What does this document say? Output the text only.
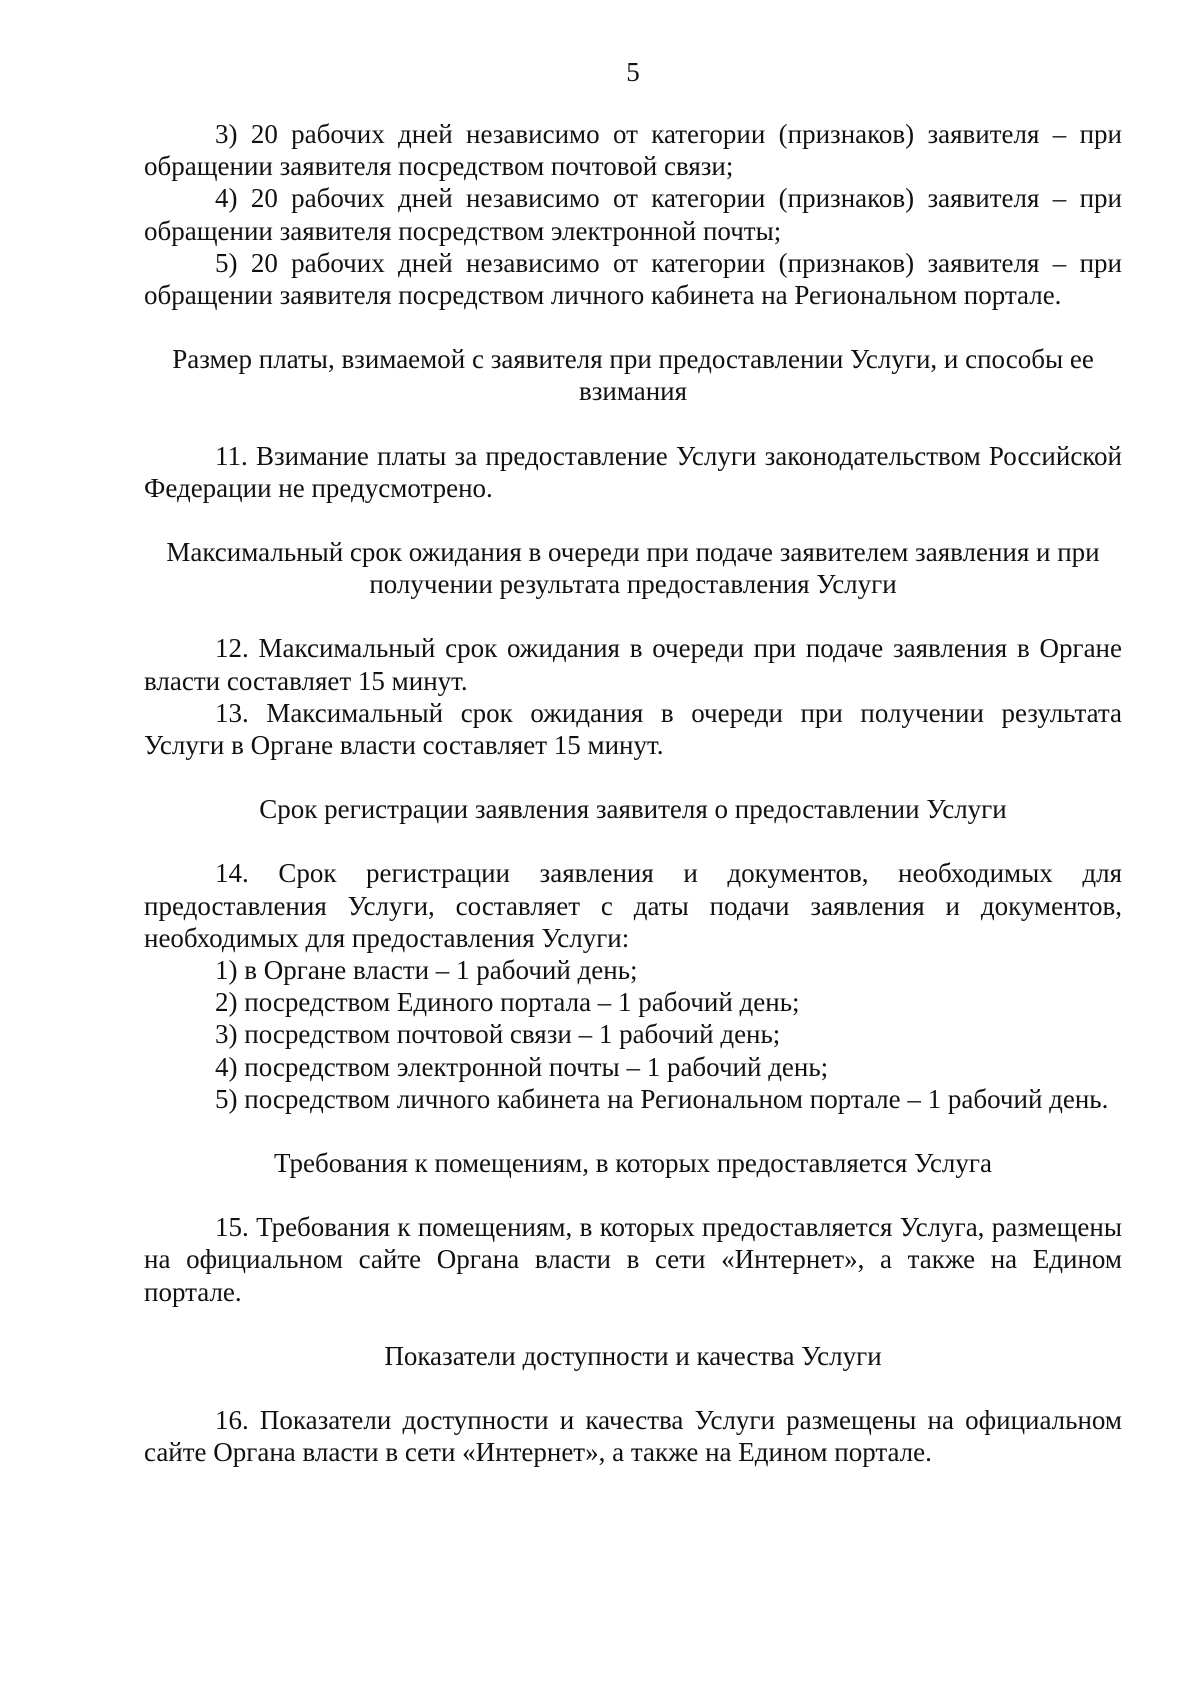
5

3) 20 рабочих дней независимо от категории (признаков) заявителя – при обращении заявителя посредством почтовой связи;

4) 20 рабочих дней независимо от категории (признаков) заявителя – при обращении заявителя посредством электронной почты;

5) 20 рабочих дней независимо от категории (признаков) заявителя – при обращении заявителя посредством личного кабинета на Региональном портале.

Размер платы, взимаемой с заявителя при предоставлении Услуги, и способы ее взимания

11. Взимание платы за предоставление Услуги законодательством Российской Федерации не предусмотрено.

Максимальный срок ожидания в очереди при подаче заявителем заявления и при получении результата предоставления Услуги

12. Максимальный срок ожидания в очереди при подаче заявления в Органе власти составляет 15 минут.

13. Максимальный срок ожидания в очереди при получении результата Услуги в Органе власти составляет 15 минут.

Срок регистрации заявления заявителя о предоставлении Услуги

14. Срок регистрации заявления и документов, необходимых для предоставления Услуги, составляет с даты подачи заявления и документов, необходимых для предоставления Услуги:

1) в Органе власти – 1 рабочий день;

2) посредством Единого портала – 1 рабочий день;

3) посредством почтовой связи – 1 рабочий день;

4) посредством электронной почты – 1 рабочий день;

5) посредством личного кабинета на Региональном портале – 1 рабочий день.

Требования к помещениям, в которых предоставляется Услуга

15. Требования к помещениям, в которых предоставляется Услуга, размещены на официальном сайте Органа власти в сети «Интернет», а также на Едином портале.

Показатели доступности и качества Услуги

16. Показатели доступности и качества Услуги размещены на официальном сайте Органа власти в сети «Интернет», а также на Едином портале.
